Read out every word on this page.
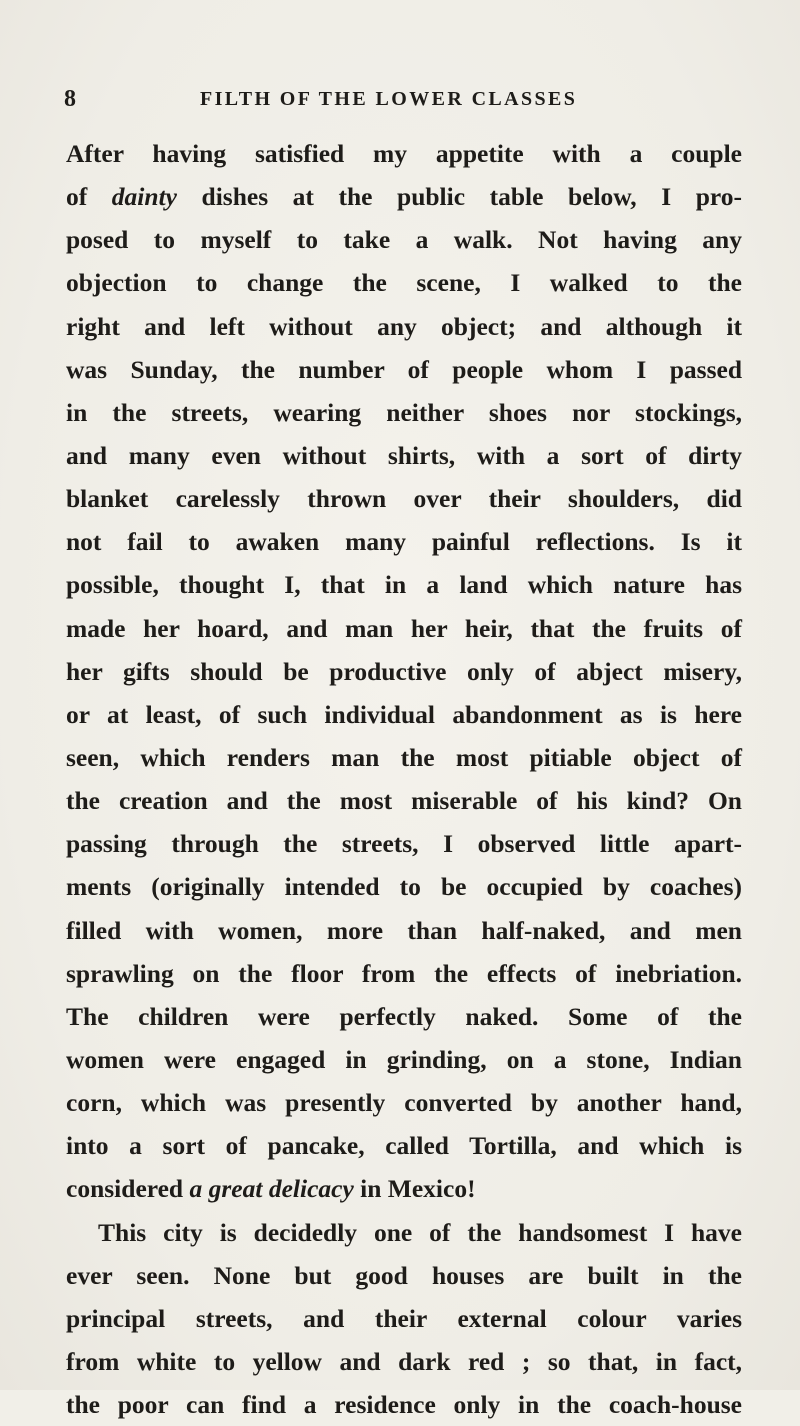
8	FILTH OF THE LOWER CLASSES
After having satisfied my appetite with a couple
of dainty dishes at the public table below, I pro-
posed to myself to take a walk. Not having any
objection to change the scene, I walked to the
right and left without any object; and although it
was Sunday, the number of people whom I passed
in the streets, wearing neither shoes nor stockings,
and many even without shirts, with a sort of dirty
blanket carelessly thrown over their shoulders, did
not fail to awaken many painful reflections. Is it
possible, thought I, that in a land which nature has
made her hoard, and man her heir, that the fruits of
her gifts should be productive only of abject misery,
or at least, of such individual abandonment as is here
seen, which renders man the most pitiable object of
the creation and the most miserable of his kind? On
passing through the streets, I observed little apart-
ments (originally intended to be occupied by coaches)
filled with women, more than half-naked, and men
sprawling on the floor from the effects of inebriation.
The children were perfectly naked. Some of the
women were engaged in grinding, on a stone, Indian
corn, which was presently converted by another hand,
into a sort of pancake, called Tortilla, and which is
considered a great delicacy in Mexico!
This city is decidedly one of the handsomest I have
ever seen. None but good houses are built in the
principal streets, and their external colour varies
from white to yellow and dark red ; so that, in fact,
the poor can find a residence only in the coach-house
